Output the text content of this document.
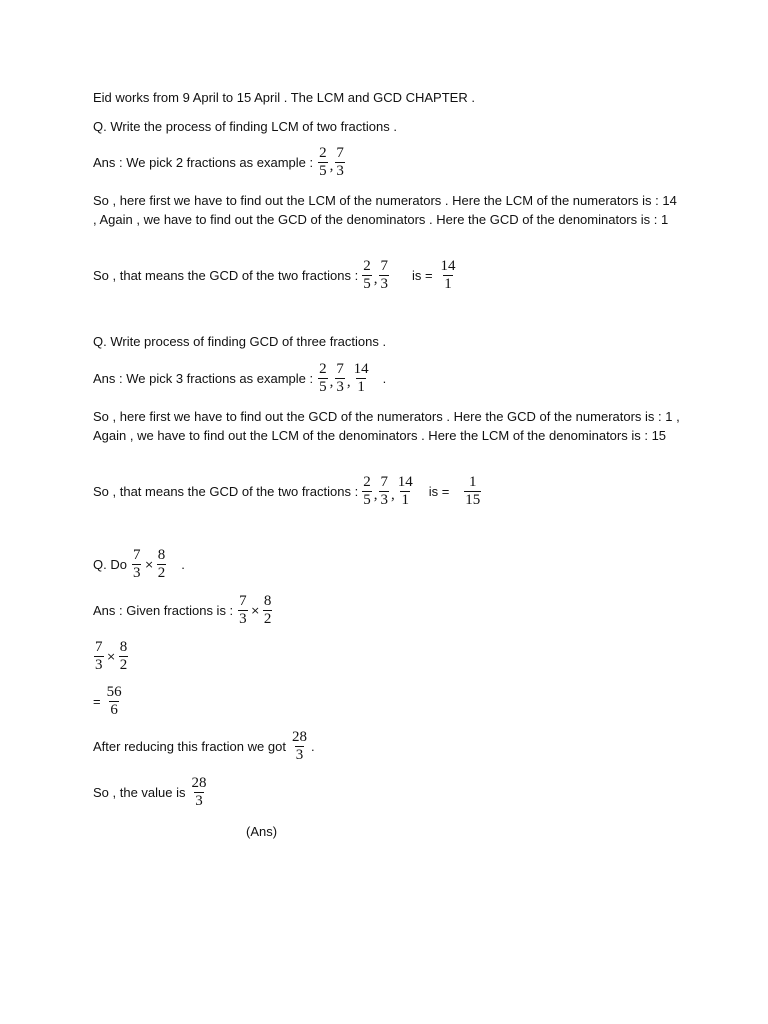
Eid works from 9 April to 15 April . The LCM and GCD CHAPTER .
Q. Write the process of finding LCM of two fractions .
Ans : We pick 2 fractions as example : $\frac{2}{5}$ , $\frac{7}{3}$
So , here first we have to find out the LCM of the numerators . Here the LCM of the numerators is : 14 , Again , we have to find out the GCD of the denominators . Here the GCD of the denominators is : 1
So , that means the GCD of the two fractions : $\frac{2}{5}$ , $\frac{7}{3}$ is = $\frac{14}{1}$
Q. Write process of finding GCD of three fractions .
Ans : We pick 3 fractions as example : $\frac{2}{5}$ , $\frac{7}{3}$ , $\frac{14}{1}$ .
So , here first we have to find out the GCD of the numerators . Here the GCD of the numerators is : 1 , Again , we have to find out the LCM of the denominators . Here the LCM of the denominators is : 15
So , that means the GCD of the two fractions : $\frac{2}{5}$ , $\frac{7}{3}$ , $\frac{14}{1}$ is = $\frac{1}{15}$
Q. Do $\frac{7}{3} \times \frac{8}{2}$ .
Ans : Given fractions is : $\frac{7}{3} \times \frac{8}{2}$
$\frac{7}{3} \times \frac{8}{2}$
= $\frac{56}{6}$
After reducing this fraction we got $\frac{28}{3}$ .
So , the value is $\frac{28}{3}$
(Ans)
